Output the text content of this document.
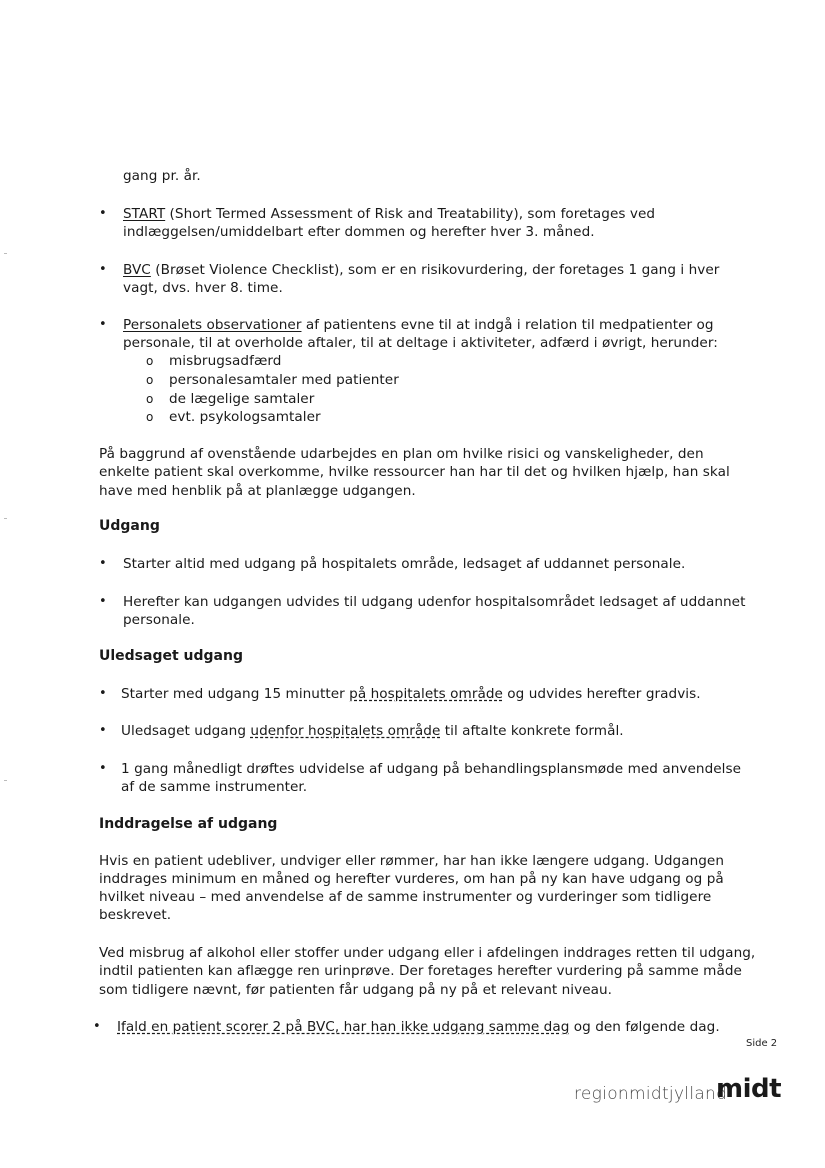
gang pr. år.
• START (Short Termed Assessment of Risk and Treatability), som foretages ved
indlæggelsen/umiddelbart efter dommen og herefter hver 3. måned.
• BVC (Brøset Violence Checklist), som er en risikovurdering, der foretages 1 gang i hver
vagt, dvs. hver 8. time.
• Personalets observationer af patientens evne til at indgå i relation til medpatienter og
personale, til at overholde aftaler, til at deltage i aktiviteter, adfærd i øvrigt, herunder:
o misbrugsadfærd
o personalesamtaler med patienter
o de lægelige samtaler
o evt. psykologsamtaler
På baggrund af ovenstående udarbejdes en plan om hvilke risici og vanskeligheder, den
enkelte patient skal overkomme, hvilke ressourcer han har til det og hvilken hjælp, han skal
have med henblik på at planlægge udgangen.
Udgang
• Starter altid med udgang på hospitalets område, ledsaget af uddannet personale.
• Herefter kan udgangen udvides til udgang udenfor hospitalsområdet ledsaget af uddannet
personale.
Uledsaget udgang
• Starter med udgang 15 minutter på hospitalets område og udvides herefter gradvis.
• Uledsaget udgang udenfor hospitalets område til aftalte konkrete formål.
• 1 gang månedligt drøftes udvidelse af udgang på behandlingsplansmøde med anvendelse
af de samme instrumenter.
Inddragelse af udgang
Hvis en patient udebliver, undviger eller rømmer, har han ikke længere udgang. Udgangen
inddrages minimum en måned og herefter vurderes, om han på ny kan have udgang og på
hvilket niveau – med anvendelse af de samme instrumenter og vurderinger som tidligere
beskrevet.
Ved misbrug af alkohol eller stoffer under udgang eller i afdelingen inddrages retten til udgang,
indtil patienten kan aflægge ren urinprøve. Der foretages herefter vurdering på samme måde
som tidligere nævnt, før patienten får udgang på ny på et relevant niveau.
• Ifald en patient scorer 2 på BVC, har han ikke udgang samme dag og den følgende dag.
Side 2
regionmidtjylland
midt
